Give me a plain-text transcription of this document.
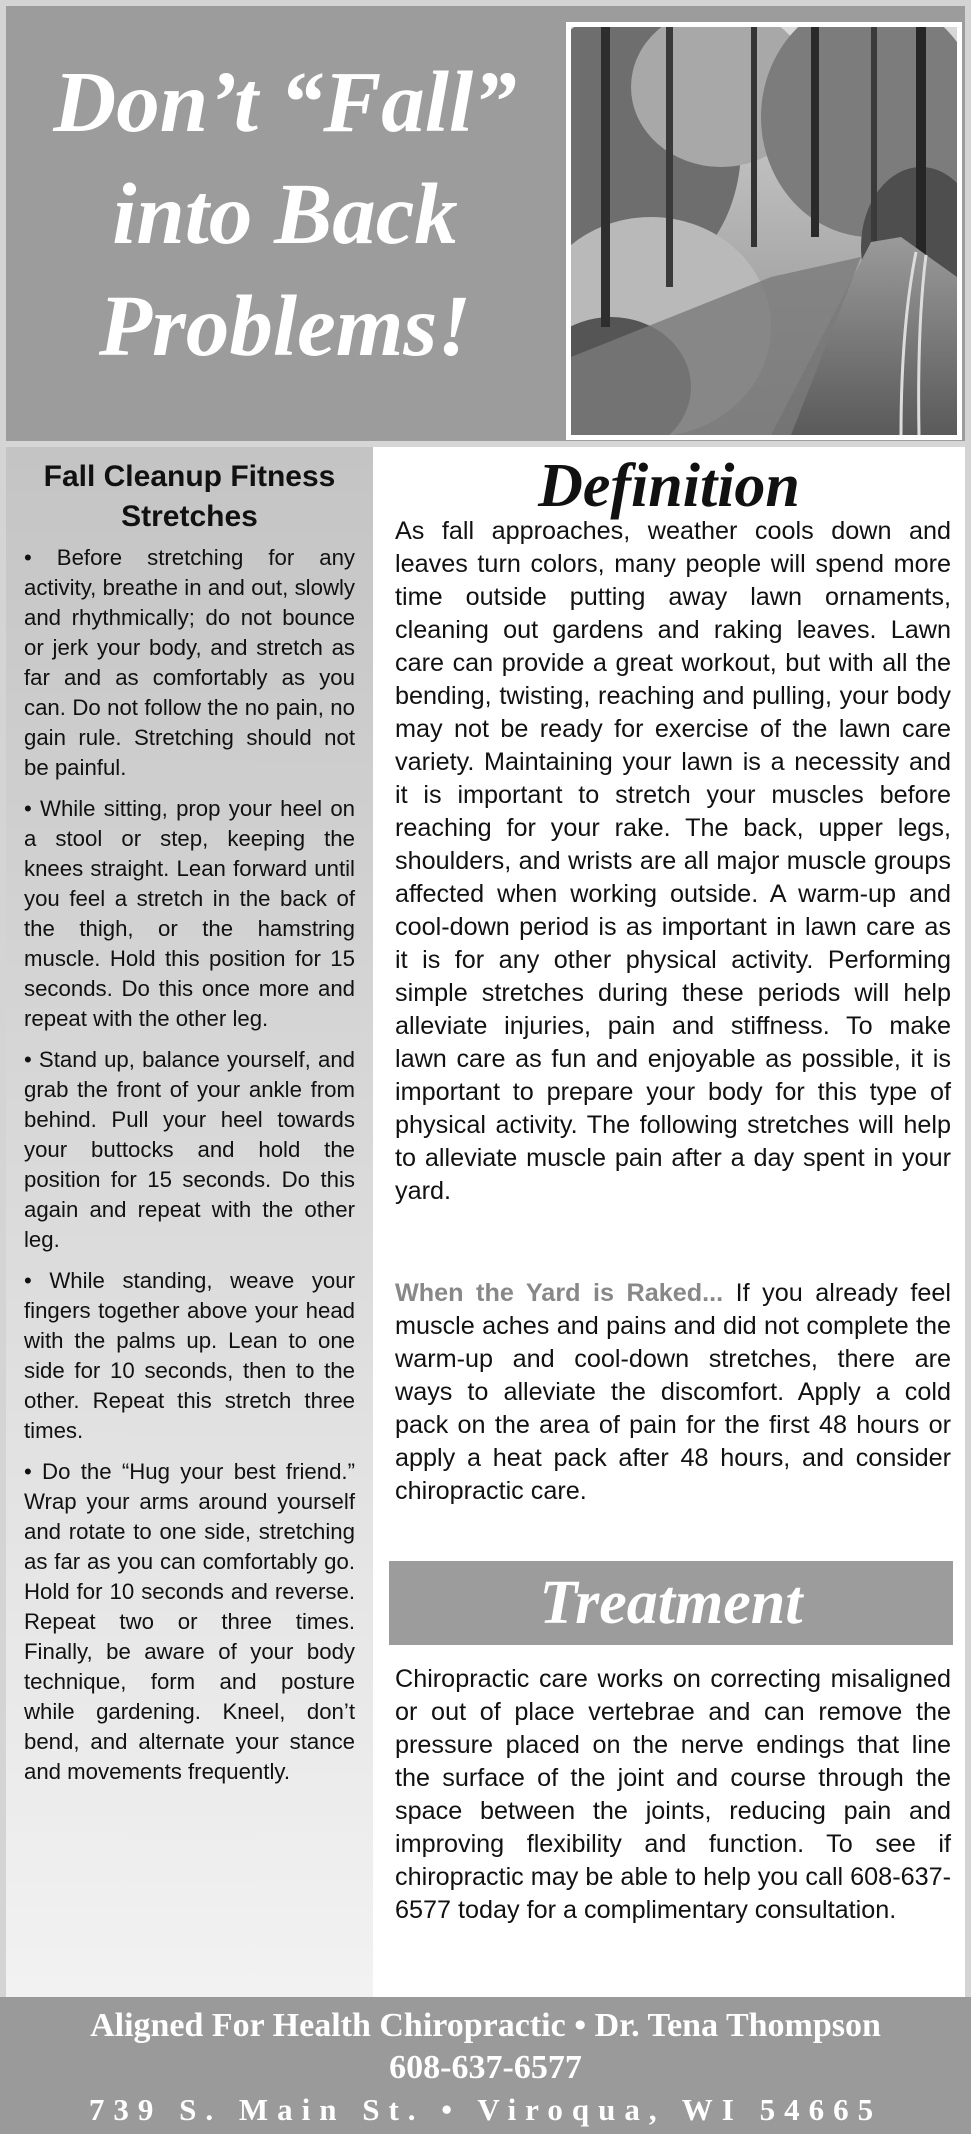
Don’t “Fall”
into Back
Problems!
Fall Cleanup Fitness Stretches

• Before stretching for any activity, breathe in and out, slowly and rhythmically; do not bounce or jerk your body, and stretch as far and as comfortably as you can. Do not follow the no pain, no gain rule. Stretching should not be painful.

• While sitting, prop your heel on a stool or step, keeping the knees straight. Lean forward until you feel a stretch in the back of the thigh, or the hamstring muscle. Hold this position for 15 seconds. Do this once more and repeat with the other leg.

• Stand up, balance yourself, and grab the front of your ankle from behind. Pull your heel towards your buttocks and hold the position for 15 seconds. Do this again and repeat with the other leg.

• While standing, weave your fingers together above your head with the palms up. Lean to one side for 10 seconds, then to the other. Repeat this stretch three times.

• Do the “Hug your best friend.” Wrap your arms around yourself and rotate to one side, stretching as far as you can comfortably go. Hold for 10 seconds and reverse. Repeat two or three times. Finally, be aware of your body technique, form and posture while gardening. Kneel, don’t bend, and alternate your stance and movements frequently.

Definition

As fall approaches, weather cools down and leaves turn colors, many people will spend more time outside putting away lawn ornaments, cleaning out gardens and raking leaves. Lawn care can provide a great workout, but with all the bending, twisting, reaching and pulling, your body may not be ready for exercise of the lawn care variety. Maintaining your lawn is a necessity and it is important to stretch your muscles before reaching for your rake. The back, upper legs, shoulders, and wrists are all major muscle groups affected when working outside. A warm-up and cool-down period is as important in lawn care as it is for any other physical activity. Performing simple stretches during these periods will help alleviate injuries, pain and stiffness. To make lawn care as fun and enjoyable as possible, it is important to prepare your body for this type of physical activity. The following stretches will help to alleviate muscle pain after a day spent in your yard.

When the Yard is Raked... If you already feel muscle aches and pains and did not complete the warm-up and cool-down stretches, there are ways to alleviate the discomfort. Apply a cold pack on the area of pain for the first 48 hours or apply a heat pack after 48 hours, and consider chiropractic care.

Treatment

Chiropractic care works on correcting misaligned or out of place vertebrae and can remove the pressure placed on the nerve endings that line the surface of the joint and course through the space between the joints, reducing pain and improving flexibility and function. To see if chiropractic may be able to help you call 608-637-6577 today for a complimentary consultation.

Aligned For Health Chiropractic • Dr. Tena Thompson
608-637-6577
739 S. Main St. • Viroqua, WI 54665
